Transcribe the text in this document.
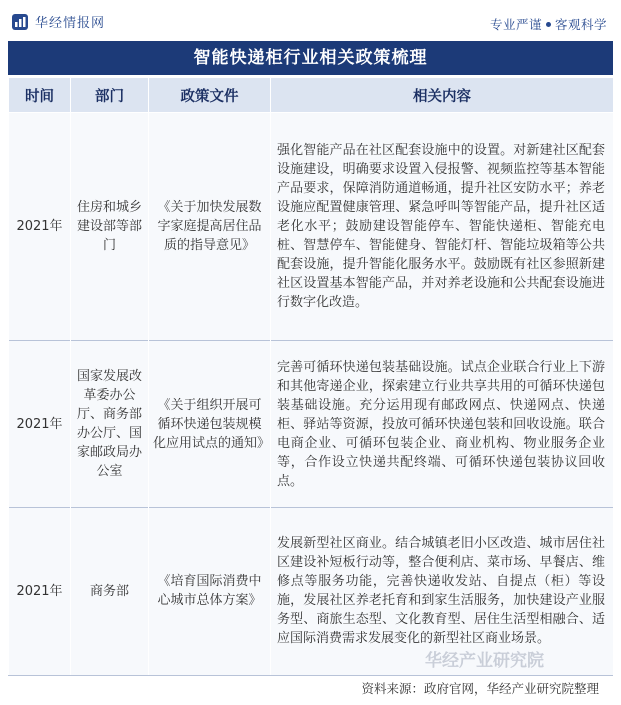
华经情报网	专业严谨 客观科学
智能快递柜行业相关政策梳理
时间	部门	政策文件	相关内容
2021年	住房和城乡建设部等部门	《关于加快发展数字家庭提高居住品质的指导意见》	强化智能产品在社区配套设施中的设置。对新建社区配套设施建设，明确要求设置入侵报警、视频监控等基本智能产品要求，保障消防通道畅通，提升社区安防水平；养老设施应配置健康管理、紧急呼叫等智能产品，提升社区适老化水平；鼓励建设智能停车、智能快递柜、智能充电桩、智慧停车、智能健身、智能灯杆、智能垃圾箱等公共配套设施，提升智能化服务水平。鼓励既有社区参照新建社区设置基本智能产品，并对养老设施和公共配套设施进行数字化改造。
2021年	国家发展改革委办公厅、商务部办公厅、国家邮政局办公室	《关于组织开展可循环快递包装规模化应用试点的通知》	完善可循环快递包装基础设施。试点企业联合行业上下游和其他寄递企业，探索建立行业共享共用的可循环快递包装基础设施。充分运用现有邮政网点、快递网点、快递柜、驿站等资源，投放可循环快递包装和回收设施。联合电商企业、可循环包装企业、商业机构、物业服务企业等，合作设立快递共配终端、可循环快递包装协议回收点。
2021年	商务部	《培育国际消费中心城市总体方案》	发展新型社区商业。结合城镇老旧小区改造、城市居住社区建设补短板行动等，整合便利店、菜市场、早餐店、维修点等服务功能，完善快递收发站、自提点（柜）等设施，发展社区养老托育和到家生活服务，加快建设产业服务型、商旅生态型、文化教育型、居住生活型相融合、适应国际消费需求发展变化的新型社区商业场景。
华经产业研究院
资料来源：政府官网，华经产业研究院整理
